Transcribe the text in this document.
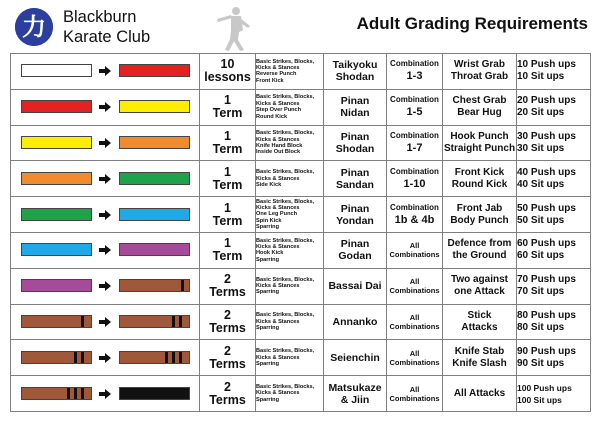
力 Blackburn
Karate Club
Adult Grading Requirements

10
lessons	Basic Strikes, Blocks,
Kicks & Stances
Reverse Punch
Front Kick	Taikyoku
Shodan	Combination
1-3	Wrist Grab
Throat Grab	10 Push ups
10 Sit ups

1
Term	Basic Strikes, Blocks,
Kicks & Stances
Step Over Punch
Round Kick	Pinan
Nidan	Combination
1-5	Chest Grab
Bear Hug	20 Push ups
20 Sit ups

1
Term	Basic Strikes, Blocks,
Kicks & Stances
Knife Hand Block
Inside Out Block	Pinan
Shodan	Combination
1-7	Hook Punch
Straight Punch	30 Push ups
30 Sit ups

1
Term	Basic Strikes, Blocks,
Kicks & Stances
Side Kick	Pinan
Sandan	Combination
1-10	Front Kick
Round Kick	40 Push ups
40 Sit ups

1
Term	Basic Strikes, Blocks,
Kicks & Stances
One Leg Punch
Spin Kick
Sparring	Pinan
Yondan	Combination
1b & 4b	Front Jab
Body Punch	50 Push ups
50 Sit ups

1
Term	Basic Strikes, Blocks,
Kicks & Stances
Hook Kick
Sparring	Pinan
Godan	All
Combinations	Defence from
the Ground	60 Push ups
60 Sit ups

2
Terms	Basic Strikes, Blocks,
Kicks & Stances
Sparring	Bassai Dai	All
Combinations	Two against
one Attack	70 Push ups
70 Sit ups

2
Terms	Basic Strikes, Blocks,
Kicks & Stances
Sparring	Annanko	All
Combinations	Stick
Attacks	80 Push ups
80 Sit ups

2
Terms	Basic Strikes, Blocks,
Kicks & Stances
Sparring	Seienchin	All
Combinations	Knife Stab
Knife Slash	90 Push ups
90 Sit ups

2
Terms	Basic Strikes, Blocks,
Kicks & Stances
Sparring	Matsukaze
& Jiin	All
Combinations	All Attacks	100 Push ups
100 Sit ups
